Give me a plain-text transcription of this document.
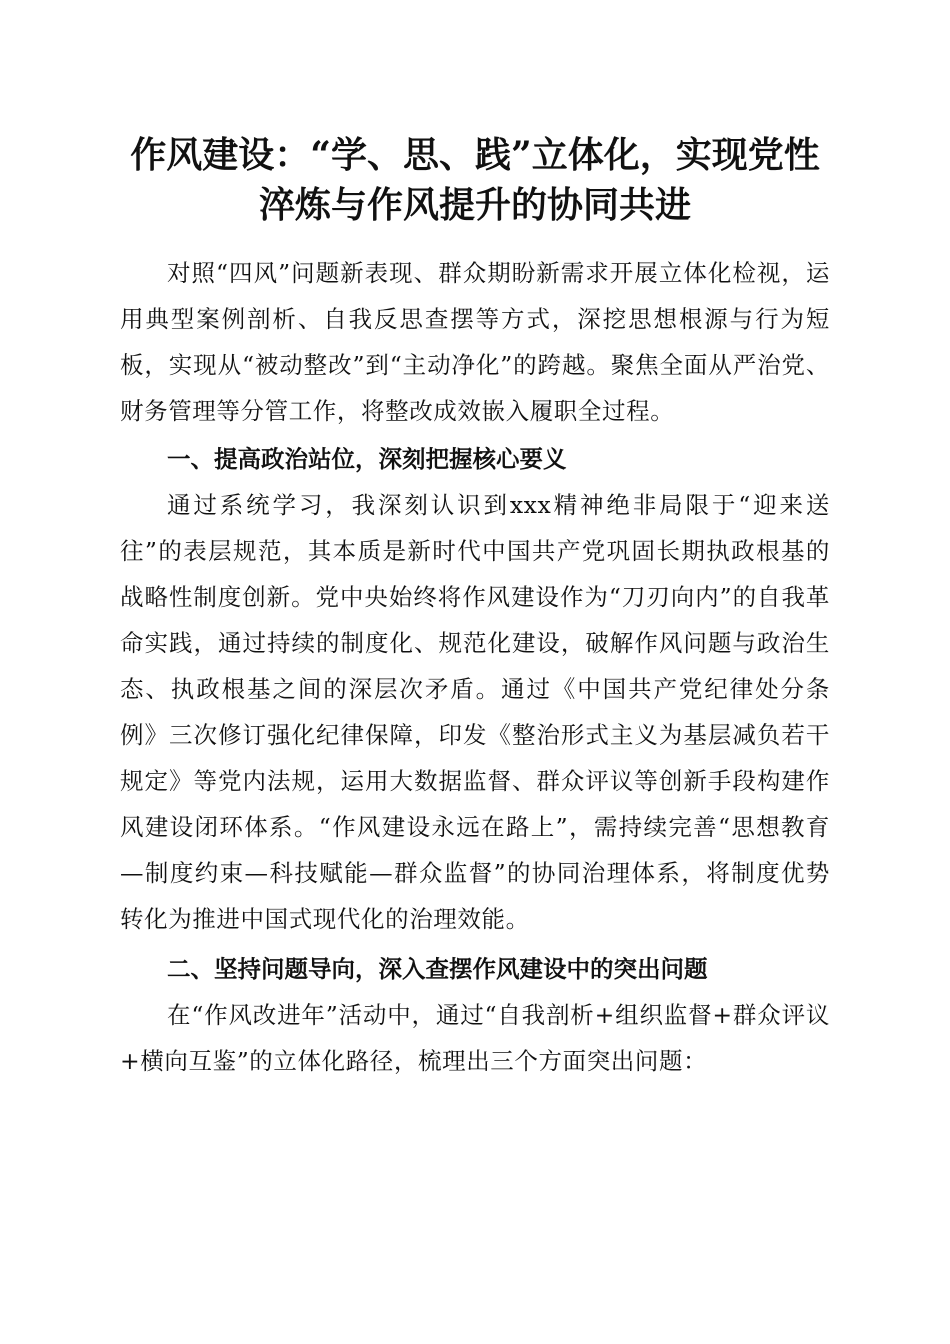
作风建设：“学、思、践”立体化，实现党性
淬炼与作风提升的协同共进

对照“四风”问题新表现、群众期盼新需求开展立体化检视，运用典型案例剖析、自我反思查摆等方式，深挖思想根源与行为短板，实现从“被动整改”到“主动净化”的跨越。聚焦全面从严治党、财务管理等分管工作，将整改成效嵌入履职全过程。

一、提高政治站位，深刻把握核心要义

通过系统学习，我深刻认识到xxx精神绝非局限于“迎来送往”的表层规范，其本质是新时代中国共产党巩固长期执政根基的战略性制度创新。党中央始终将作风建设作为“刀刃向内”的自我革命实践，通过持续的制度化、规范化建设，破解作风问题与政治生态、执政根基之间的深层次矛盾。通过《中国共产党纪律处分条例》三次修订强化纪律保障，印发《整治形式主义为基层减负若干规定》等党内法规，运用大数据监督、群众评议等创新手段构建作风建设闭环体系。“作风建设永远在路上”，需持续完善“思想教育—制度约束—科技赋能—群众监督”的协同治理体系，将制度优势转化为推进中国式现代化的治理效能。

二、坚持问题导向，深入查摆作风建设中的突出问题

在“作风改进年”活动中，通过“自我剖析+组织监督+群众评议+横向互鉴”的立体化路径，梳理出三个方面突出问题：
